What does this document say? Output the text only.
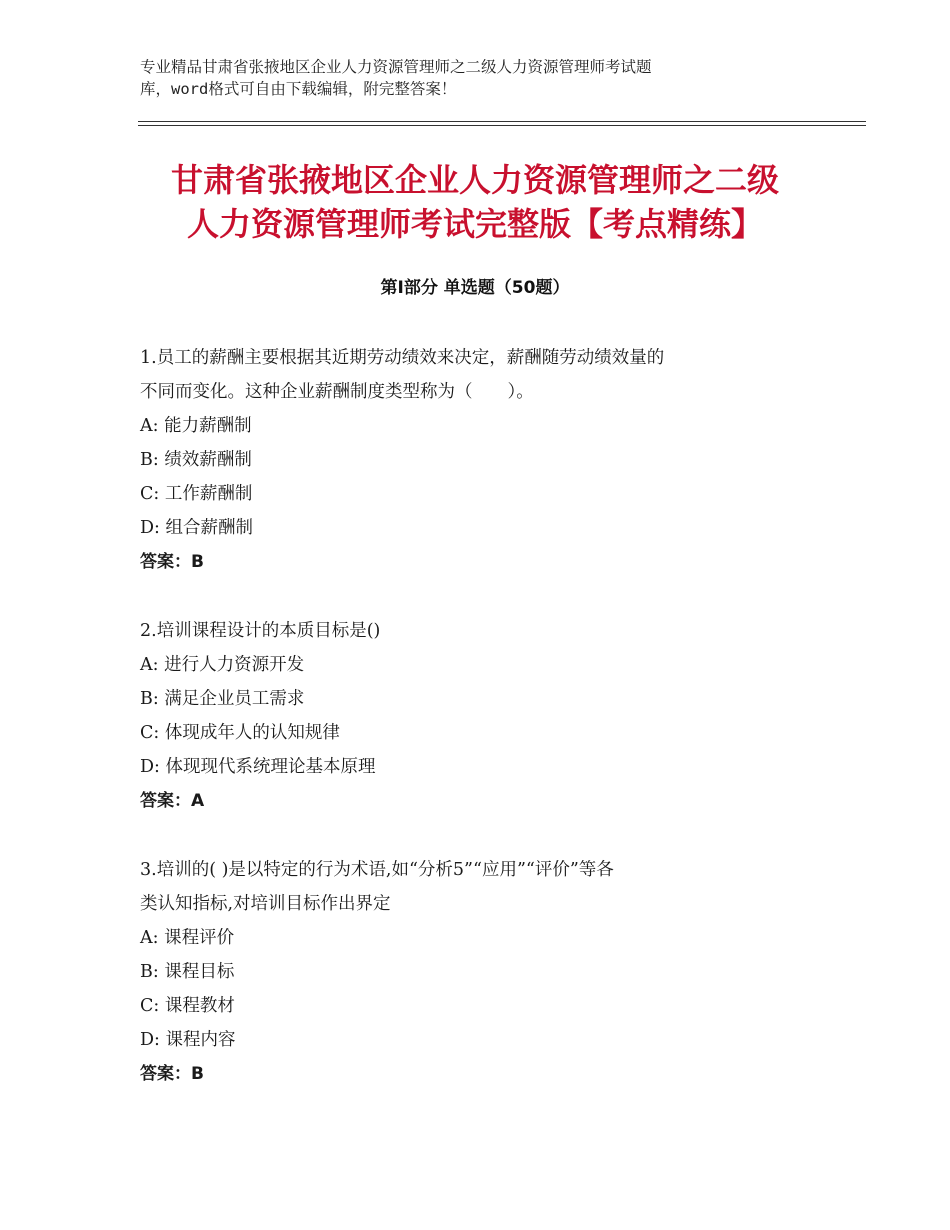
专业精品甘肃省张掖地区企业人力资源管理师之二级人力资源管理师考试题
库，word格式可自由下载编辑，附完整答案！
甘肃省张掖地区企业人力资源管理师之二级
人力资源管理师考试完整版【考点精练】
第Ⅰ部分 单选题（50题）

1.员工的薪酬主要根据其近期劳动绩效来决定，薪酬随劳动绩效量的

不同而变化。这种企业薪酬制度类型称为（　　）。

A: 能力薪酬制

B: 绩效薪酬制

C: 工作薪酬制

D: 组合薪酬制

答案：B

2.培训课程设计的本质目标是()

A: 进行人力资源开发

B: 满足企业员工需求

C: 体现成年人的认知规律

D: 体现现代系统理论基本原理

答案：A

3.培训的( )是以特定的行为术语,如“分析5”“应用”“评价”等各

类认知指标,对培训目标作出界定

A: 课程评价

B: 课程目标

C: 课程教材

D: 课程内容

答案：B
